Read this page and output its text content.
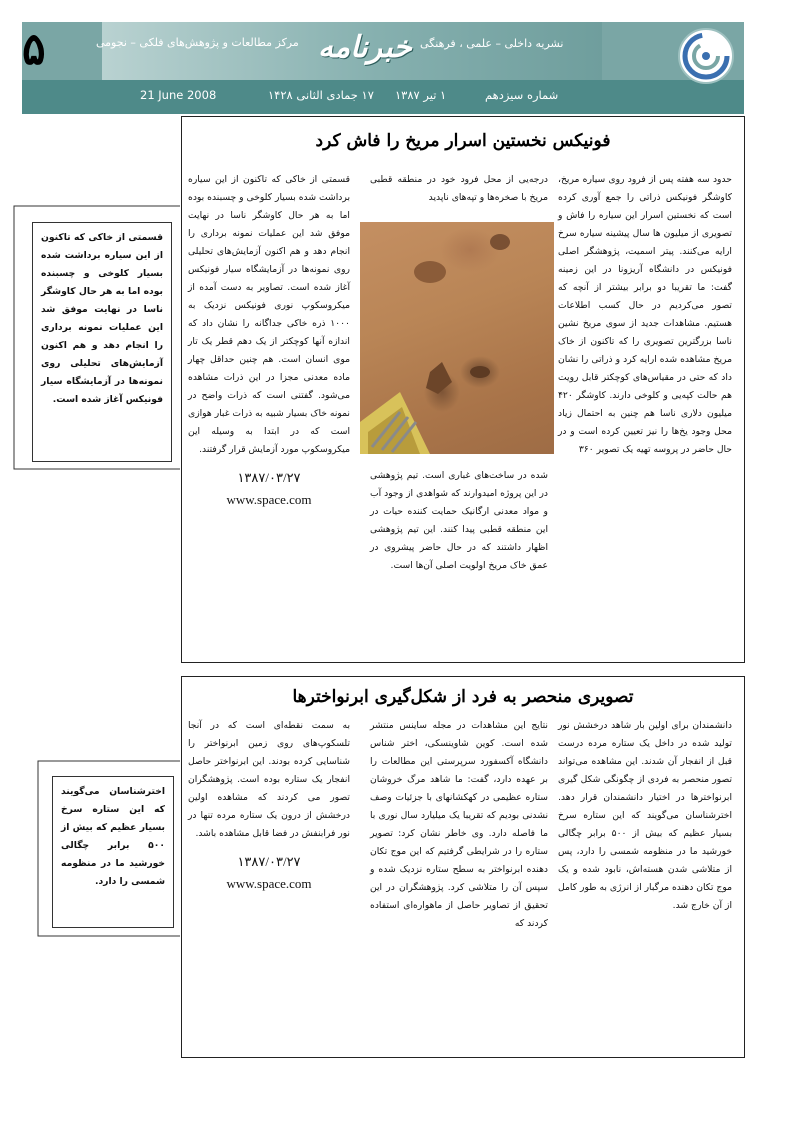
۵	مرکز مطالعات و پژوهش‌های فلکی – نجومی خبرنامه نشریه داخلی – علمی ، فرهنگی
21 June 2008	۱۷ جمادی الثانی ۱۴۲۸ ۱ تیر ۱۳۸۷	شماره سیزدهم
فونیکس نخستین اسرار مریخ را فاش کرد

حدود سه هفته پس از فرود روی سیاره مریخ، کاوشگر فونیکس ذراتی را جمع آوری کرده است که نخستین اسرار این سیاره را فاش و تصویری از میلیون ها سال پیشینه سیاره سرخ ارایه می‌کنند. پیتر اسمیت، پژوهشگر اصلی فونیکس در دانشگاه آریزونا در این زمینه گفت: ما تقریبا دو برابر بیشتر از آنچه که تصور می‌کردیم در حال کسب اطلاعات هستیم. مشاهدات جدید از سوی مریخ نشین ناسا بزرگترین تصویری را که تاکنون از خاک مریخ مشاهده شده ارایه کرد و ذراتی را نشان داد که حتی در مقیاس‌های کوچکتر قابل رویت هم حالت کپه‌یی و کلوخی دارند. کاوشگر ۴۲۰ میلیون دلاری ناسا هم چنین به احتمال زیاد محل وجود یخ‌ها را نیز تعیین کرده است و در حال حاضر در پروسه تهیه یک تصویر ۳۶۰

درجه‌یی از محل فرود خود در منطقه قطبی مریخ با صخره‌ها و تپه‌های ناپدید

شده در ساخت‌های غباری است. تیم پژوهشی در این پروژه امیدوارند که شواهدی از وجود آب و مواد معدنی ارگانیک حمایت کننده حیات در این منطقه قطبی پیدا کنند. این تیم پژوهشی اظهار داشتند که در حال حاضر پیشروی در عمق خاک مریخ اولویت اصلی آن‌ها است.

قسمتی از خاکی که تاکنون از این سیاره برداشت شده بسیار کلوخی و چسبنده بوده اما به هر حال کاوشگر ناسا در نهایت موفق شد این عملیات نمونه برداری را انجام دهد و هم اکنون آزمایش‌های تحلیلی روی نمونه‌ها در آزمایشگاه سیار فونیکس آغاز شده است. تصاویر به دست آمده از میکروسکوپ نوری فونیکس نزدیک به ۱۰۰۰ ذره خاکی جداگانه را نشان داد که اندازه آنها کوچکتر از یک دهم قطر یک تار موی انسان است. هم چنین حداقل چهار ماده معدنی مجزا در این ذرات مشاهده می‌شود. گفتنی است که ذرات واضح در نمونه خاک بسیار شبیه به ذرات غبار هوازی است که در ابتدا به وسیله این میکروسکوپ مورد آزمایش قرار گرفتند.

۱۳۸۷/۰۳/۲۷
www.space.com
قسمتی از خاکی که تاکنون از این سیاره برداشت شده بسیار کلوخی و چسبنده بوده اما به هر حال کاوشگر ناسا در نهایت موفق شد این عملیات نمونه برداری را انجام دهد و هم اکنون آزمایش‌های تحلیلی روی نمونه‌ها در آزمایشگاه سیار فونیکس آغاز شده است.
تصویری منحصر به فرد از شکل‌گیری ابرنواخترها

دانشمندان برای اولین بار شاهد درخشش نور تولید شده در داخل یک ستاره مرده درست قبل از انفجار آن شدند. این مشاهده می‌تواند تصور منحصر به فردی از چگونگی شکل گیری ابرنواخترها در اختیار دانشمندان قرار دهد. اخترشناسان می‌گویند که این ستاره سرخ بسیار عظیم که بیش از ۵۰۰ برابر چگالی خورشید ما در منظومه شمسی را دارد، پس از متلاشی شدن هسته‌اش، نابود شده و یک موج تکان دهنده مرگبار از انرژی به طور کامل از آن خارج شد.

نتایج این مشاهدات در مجله ساینس منتشر شده است. کوین شاوینسکی، اختر شناس دانشگاه آکسفورد سرپرستی این مطالعات را بر عهده دارد، گفت: ما شاهد مرگ خروشان ستاره عظیمی در کهکشانهای با جزئیات وصف نشدنی بودیم که تقریبا یک میلیارد سال نوری با ما فاصله دارد. وی خاطر نشان کرد: تصویر ستاره را در شرایطی گرفتیم که این موج تکان دهنده ابرنواختر به سطح ستاره نزدیک شده و سپس آن را متلاشی کرد. پژوهشگران در این تحقیق از تصاویر حاصل از ماهواره‌ای استفاده کردند که

به سمت نقطه‌ای است که در آنجا تلسکوپ‌های روی زمین ابرنواختر را شناسایی کرده بودند. این ابرنواختر حاصل انفجار یک ستاره بوده است. پژوهشگران تصور می کردند که مشاهده اولین درخشش از درون یک ستاره مرده تنها در نور فرابنفش در فضا قابل مشاهده باشد.

۱۳۸۷/۰۳/۲۷
www.space.com
اخترشناسان می‌گویند که این ستاره سرخ بسیار عظیم که بیش از ۵۰۰ برابر چگالی خورشید ما در منظومه شمسی را دارد.
